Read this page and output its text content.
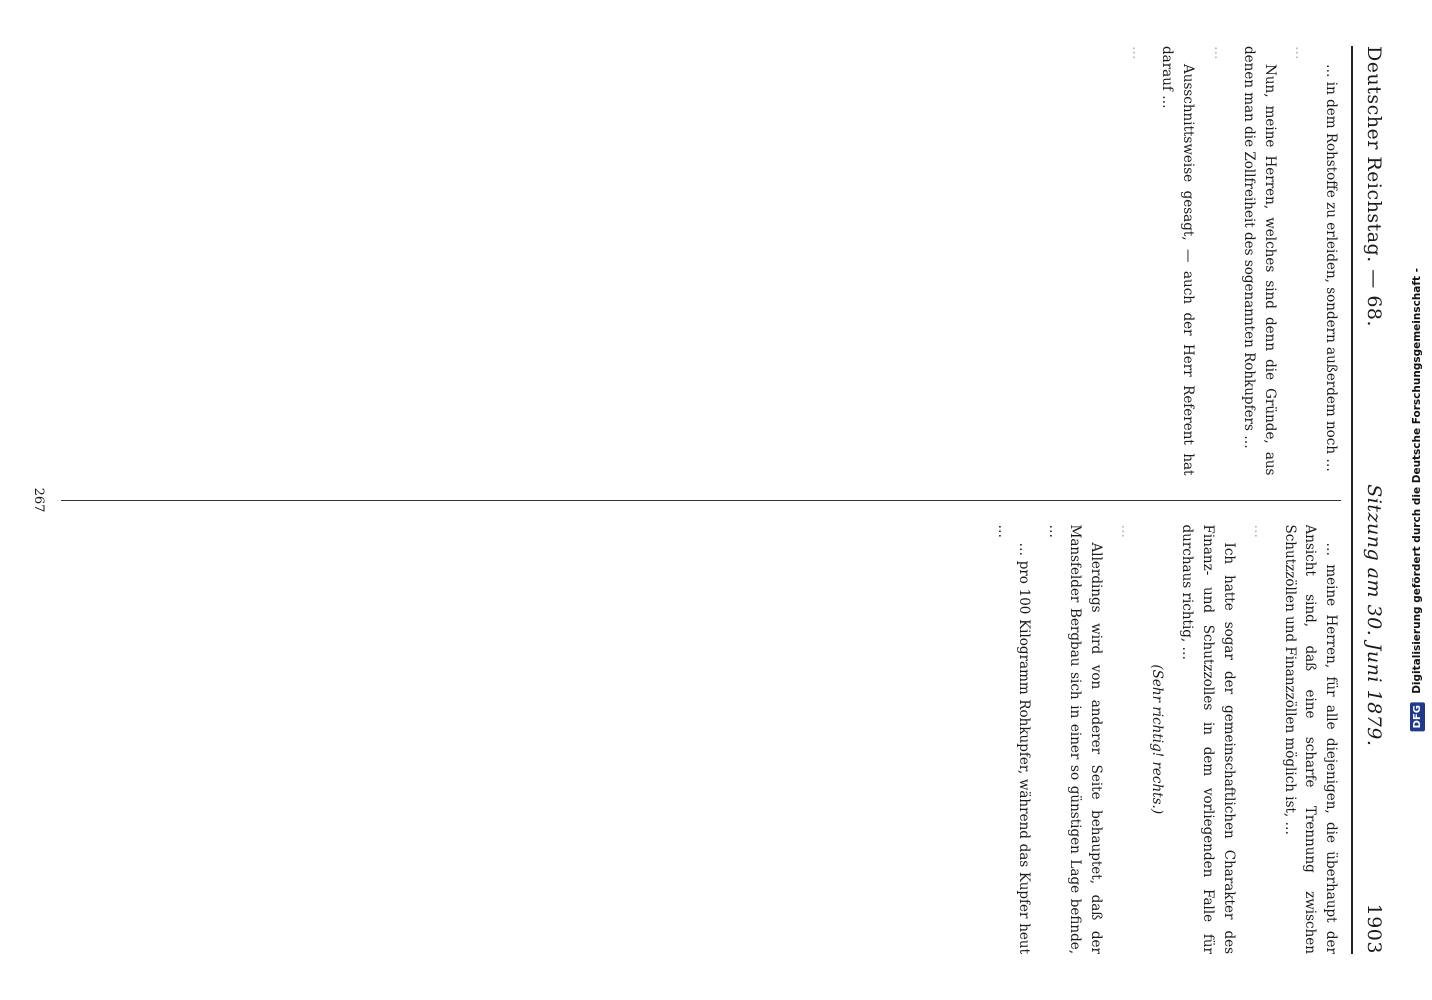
Deutscher Reichstag. — 68.
Sitzung am 30. Juni 1879.
1903

… in dem Rohstoffe zu erleiden, sondern außerdem noch …

…

Nun, meine Herren, welches sind denn die Gründe, aus denen man die Zollfreiheit des sogenannten Rohkupfers …

…

Ausschnittsweise gesagt, — auch der Herr Referent hat darauf …

…

… meine Herren, für alle diejenigen, die überhaupt der Ansicht sind, daß eine scharfe Trennung zwischen Schutzzöllen und Finanzzöllen möglich ist, …

…

Ich hatte sogar der gemeinschaftlichen Charakter des Finanz- und Schutzzolles in dem vorliegenden Falle für durchaus richtig, …

(Sehr richtig! rechts.)

…

Allerdings wird von anderer Seite behauptet, daß der Mansfelder Bergbau sich in einer so günstigen Lage befinde, …

… pro 100 Kilogramm Rohkupfer, während das Kupfer heut …

267	Digitalisierung gefördert durch die Deutsche Forschungsgemeinschaft -
DFG
